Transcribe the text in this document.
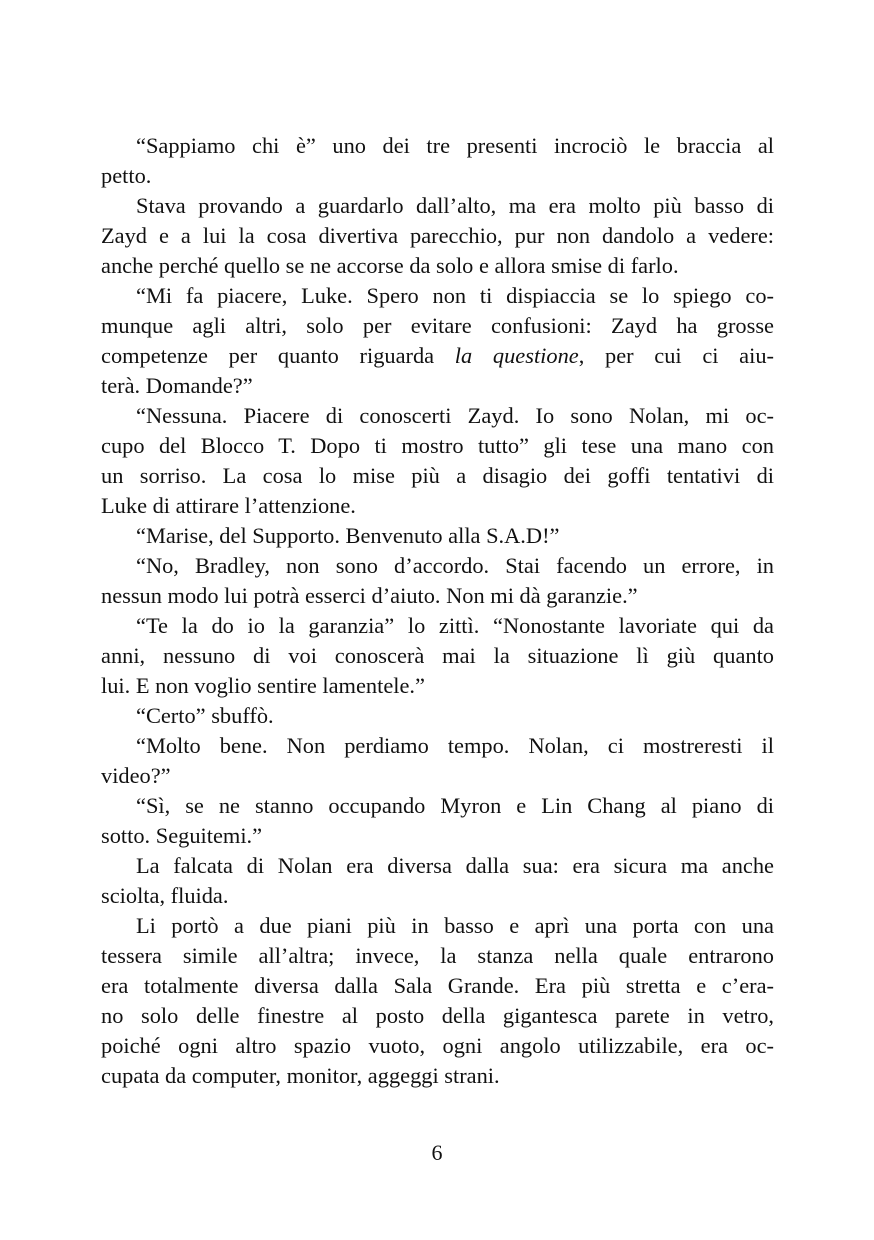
“Sappiamo chi è” uno dei tre presenti incrociò le braccia al
petto.
Stava provando a guardarlo dall’alto, ma era molto più basso di
Zayd e a lui la cosa divertiva parecchio, pur non dandolo a vedere:
anche perché quello se ne accorse da solo e allora smise di farlo.
“Mi fa piacere, Luke. Spero non ti dispiaccia se lo spiego co-
munque agli altri, solo per evitare confusioni: Zayd ha grosse
competenze per quanto riguarda la questione, per cui ci aiu-
terà. Domande?”
“Nessuna. Piacere di conoscerti Zayd. Io sono Nolan, mi oc-
cupo del Blocco T. Dopo ti mostro tutto” gli tese una mano con
un sorriso. La cosa lo mise più a disagio dei goffi tentativi di
Luke di attirare l’attenzione.
“Marise, del Supporto. Benvenuto alla S.A.D!”
“No, Bradley, non sono d’accordo. Stai facendo un errore, in
nessun modo lui potrà esserci d’aiuto. Non mi dà garanzie.”
“Te la do io la garanzia” lo zittì. “Nonostante lavoriate qui da
anni, nessuno di voi conoscerà mai la situazione lì giù quanto
lui. E non voglio sentire lamentele.”
“Certo” sbuffò.
“Molto bene. Non perdiamo tempo. Nolan, ci mostreresti il
video?”
“Sì, se ne stanno occupando Myron e Lin Chang al piano di
sotto. Seguitemi.”
La falcata di Nolan era diversa dalla sua: era sicura ma anche
sciolta, fluida.
Li portò a due piani più in basso e aprì una porta con una
tessera simile all’altra; invece, la stanza nella quale entrarono
era totalmente diversa dalla Sala Grande. Era più stretta e c’era-
no solo delle finestre al posto della gigantesca parete in vetro,
poiché ogni altro spazio vuoto, ogni angolo utilizzabile, era oc-
cupata da computer, monitor, aggeggi strani.
6
